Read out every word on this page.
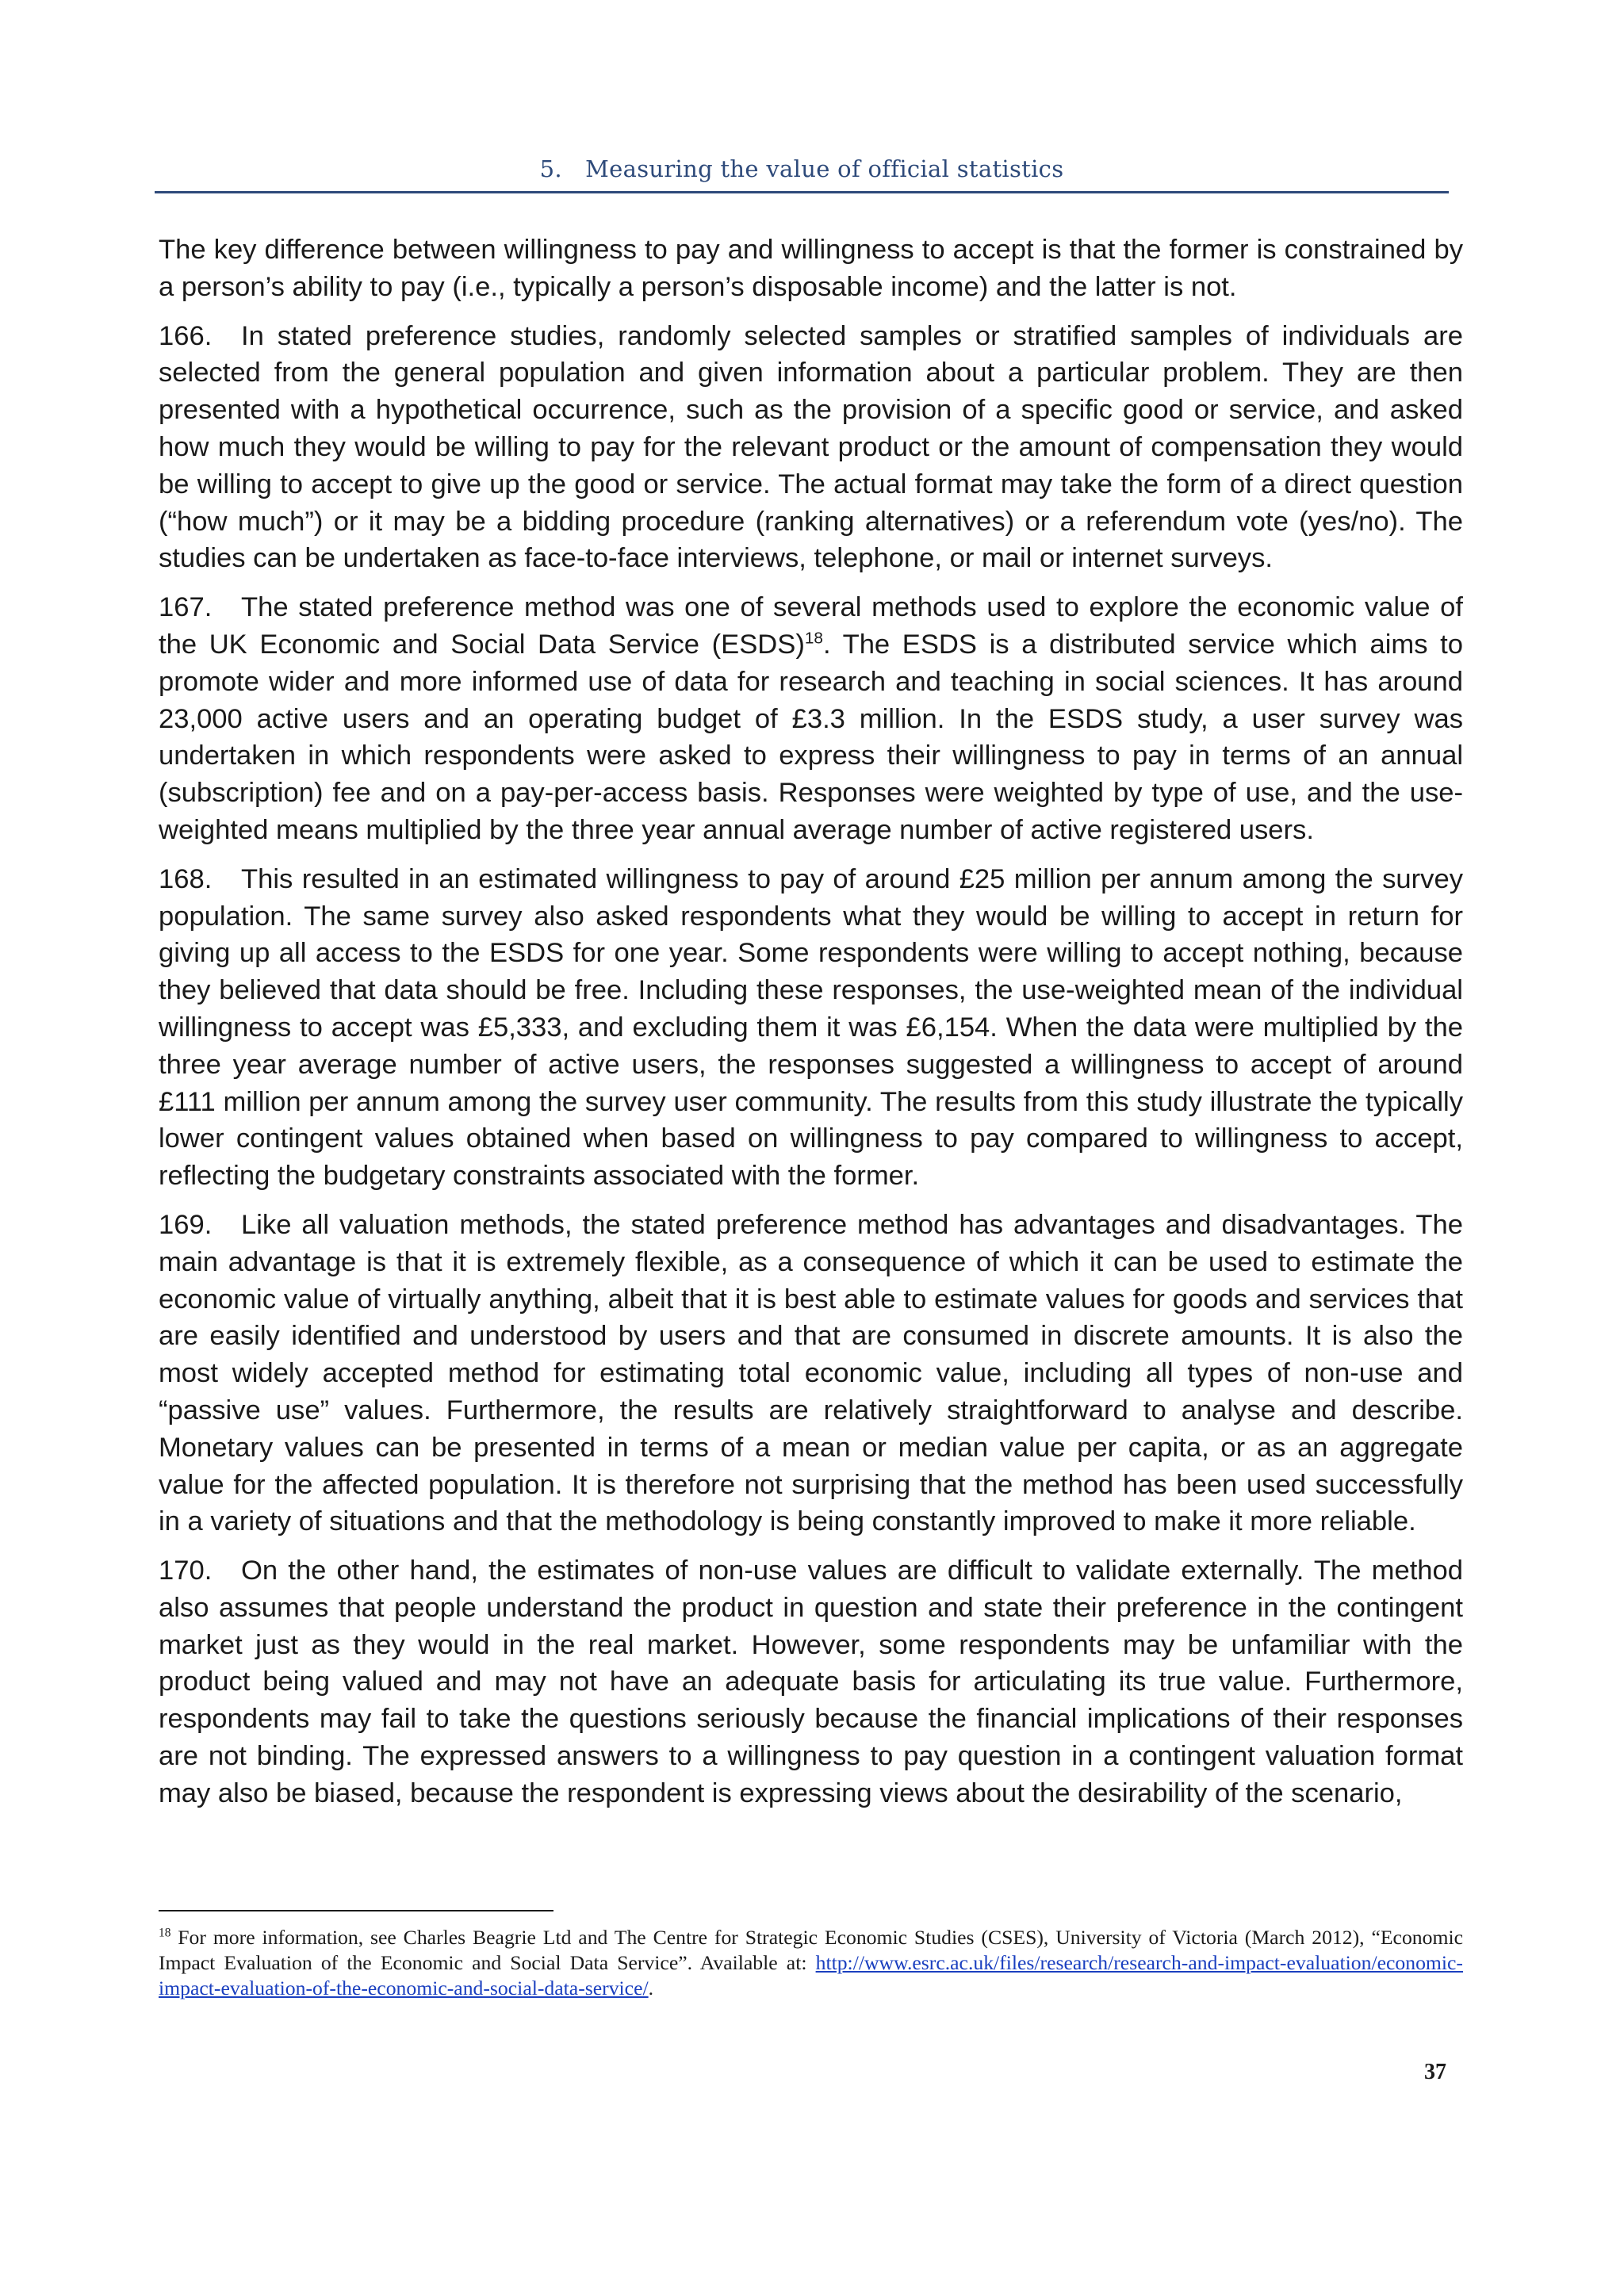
5. Measuring the value of official statistics

The key difference between willingness to pay and willingness to accept is that the former is constrained by a person’s ability to pay (i.e., typically a person’s disposable income) and the latter is not.

166. In stated preference studies, randomly selected samples or stratified samples of individuals are selected from the general population and given information about a particular problem. They are then presented with a hypothetical occurrence, such as the provision of a specific good or service, and asked how much they would be willing to pay for the relevant product or the amount of compensation they would be willing to accept to give up the good or service. The actual format may take the form of a direct question (“how much”) or it may be a bidding procedure (ranking alternatives) or a referendum vote (yes/no). The studies can be undertaken as face-to-face interviews, telephone, or mail or internet surveys.

167. The stated preference method was one of several methods used to explore the economic value of the UK Economic and Social Data Service (ESDS)$^{18}$. The ESDS is a distributed service which aims to promote wider and more informed use of data for research and teaching in social sciences. It has around 23,000 active users and an operating budget of £3.3 million. In the ESDS study, a user survey was undertaken in which respondents were asked to express their willingness to pay in terms of an annual (subscription) fee and on a pay-per-access basis. Responses were weighted by type of use, and the use-weighted means multiplied by the three year annual average number of active registered users.

168. This resulted in an estimated willingness to pay of around £25 million per annum among the survey population. The same survey also asked respondents what they would be willing to accept in return for giving up all access to the ESDS for one year. Some respondents were willing to accept nothing, because they believed that data should be free. Including these responses, the use-weighted mean of the individual willingness to accept was £5,333, and excluding them it was £6,154. When the data were multiplied by the three year average number of active users, the responses suggested a willingness to accept of around £111 million per annum among the survey user community. The results from this study illustrate the typically lower contingent values obtained when based on willingness to pay compared to willingness to accept, reflecting the budgetary constraints associated with the former.

169. Like all valuation methods, the stated preference method has advantages and disadvantages. The main advantage is that it is extremely flexible, as a consequence of which it can be used to estimate the economic value of virtually anything, albeit that it is best able to estimate values for goods and services that are easily identified and understood by users and that are consumed in discrete amounts. It is also the most widely accepted method for estimating total economic value, including all types of non-use and “passive use” values. Furthermore, the results are relatively straightforward to analyse and describe. Monetary values can be presented in terms of a mean or median value per capita, or as an aggregate value for the affected population. It is therefore not surprising that the method has been used successfully in a variety of situations and that the methodology is being constantly improved to make it more reliable.

170. On the other hand, the estimates of non-use values are difficult to validate externally. The method also assumes that people understand the product in question and state their preference in the contingent market just as they would in the real market. However, some respondents may be unfamiliar with the product being valued and may not have an adequate basis for articulating its true value. Furthermore, respondents may fail to take the questions seriously because the financial implications of their responses are not binding. The expressed answers to a willingness to pay question in a contingent valuation format may also be biased, because the respondent is expressing views about the desirability of the scenario,

$^{18}$ For more information, see Charles Beagrie Ltd and The Centre for Strategic Economic Studies (CSES), University of Victoria (March 2012), “Economic Impact Evaluation of the Economic and Social Data Service”. Available at: http://www.esrc.ac.uk/files/research/research-and-impact-evaluation/economic-impact-evaluation-of-the-economic-and-social-data-service/.
37
